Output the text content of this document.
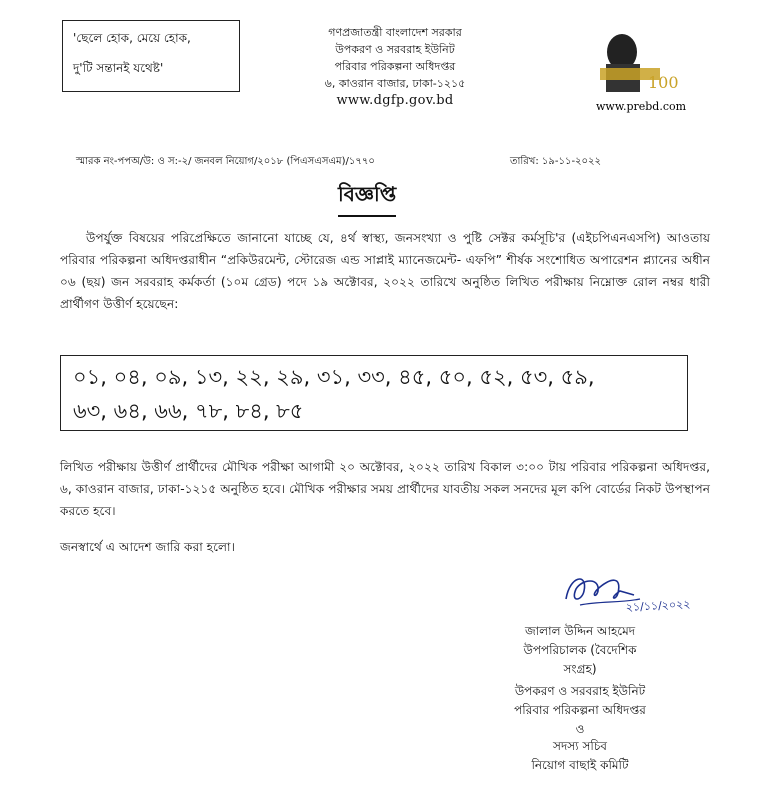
'ছেলে হোক, মেয়ে হোক,
দু'টি সন্তানই যথেষ্ট'
গণপ্রজাতন্ত্রী বাংলাদেশ সরকার
উপকরণ ও সরবরাহ ইউনিট
পরিবার পরিকল্পনা অধিদপ্তর
৬, কাওরান বাজার, ঢাকা-১২১৫
www.dgfp.gov.bd
100
www.prebd.com
স্মারক নং-পপঅ/উ: ও স:-২/ জনবল নিয়োগ/২০১৮ (পিএসএসএম)/১৭৭০	তারিখ: ১৯-১১-২০২২
বিজ্ঞপ্তি
উপর্যুক্ত বিষয়ের পরিপ্রেক্ষিতে জানানো যাচ্ছে যে, ৪র্থ স্বাস্থ্য, জনসংখ্যা ও পুষ্টি সেক্টর কর্মসূচি'র (এইচপিএনএসপি) আওতায় পরিবার পরিকল্পনা অধিদপ্তরাধীন “প্রকিউরমেন্ট, স্টোরেজ এন্ড সাপ্লাই ম্যানেজমেন্ট- এফপি” শীর্ষক সংশোধিত অপারেশন প্ল্যানের অধীন ০৬ (ছয়) জন সরবরাহ কর্মকর্তা (১০ম গ্রেড) পদে ১৯ অক্টোবর, ২০২২ তারিখে অনুষ্ঠিত লিখিত পরীক্ষায় নিম্নোক্ত রোল নম্বর ধারী প্রার্থীগণ উত্তীর্ণ হয়েছেন:
০১, ০৪, ০৯, ১৩, ২২, ২৯, ৩১, ৩৩, ৪৫, ৫০, ৫২, ৫৩, ৫৯,
৬৩, ৬৪, ৬৬, ৭৮, ৮৪, ৮৫
লিখিত পরীক্ষায় উত্তীর্ণ প্রার্থীদের মৌখিক পরীক্ষা আগামী ২০ অক্টোবর, ২০২২ তারিখ বিকাল ৩:০০ টায় পরিবার পরিকল্পনা অধিদপ্তর, ৬, কাওরান বাজার, ঢাকা-১২১৫ অনুষ্ঠিত হবে। মৌখিক পরীক্ষার সময় প্রার্থীদের যাবতীয় সকল সনদের মূল কপি বোর্ডের নিকট উপস্থাপন করতে হবে।
জনস্বার্থে এ আদেশ জারি করা হলো।
২১/১১/২০২২
জালাল উদ্দিন আহমেদ
উপপরিচালক (বৈদেশিক
সংগ্রহ)
উপকরণ ও সরবরাহ ইউনিট
পরিবার পরিকল্পনা অধিদপ্তর
ও
সদস্য সচিব
নিয়োগ বাছাই কমিটি
